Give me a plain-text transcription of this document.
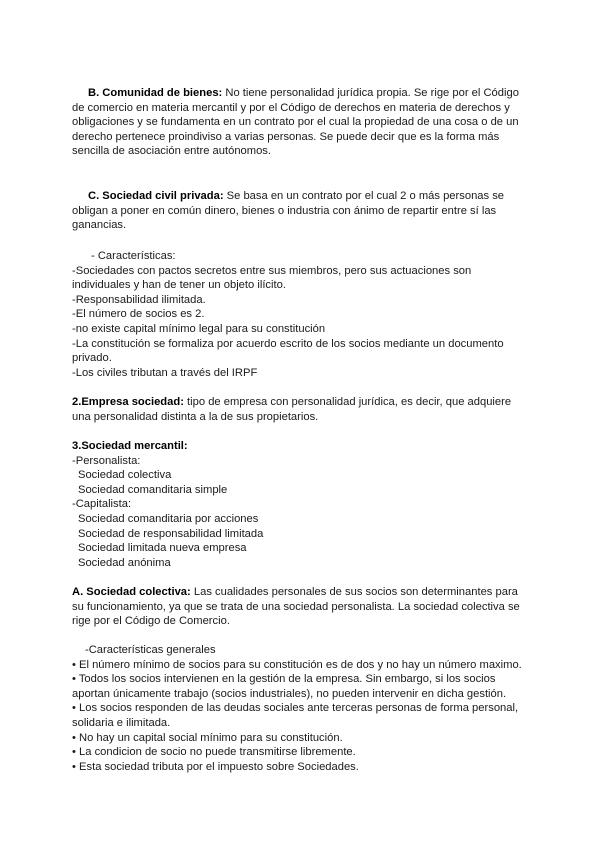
B. Comunidad de bienes: No tiene personalidad jurídica propia. Se rige por el Código de comercio en materia mercantil y por el Código de derechos en materia de derechos y obligaciones y se fundamenta en un contrato por el cual la propiedad de una cosa o de un derecho pertenece proindiviso a varias personas. Se puede decir que es la forma más sencilla de asociación entre autónomos.

C. Sociedad civil privada: Se basa en un contrato por el cual 2 o más personas se obligan a poner en común dinero, bienes o industria con ánimo de repartir entre sí las ganancias.

- Características:

-Sociedades con pactos secretos entre sus miembros, pero sus actuaciones son individuales y han de tener un objeto ilícito.

-Responsabilidad ilimitada.

-El número de socios es 2.

-no existe capital mínimo legal para su constitución

-La constitución se formaliza por acuerdo escrito de los socios mediante un documento privado.

-Los civiles tributan a través del IRPF

2.Empresa sociedad: tipo de empresa con personalidad jurídica, es decir, que adquiere una personalidad distinta a la de sus propietarios.

3.Sociedad mercantil:

-Personalista:

Sociedad colectiva

Sociedad comanditaria simple

-Capitalista:

Sociedad comanditaria por acciones

Sociedad de responsabilidad limitada

Sociedad limitada nueva empresa

Sociedad anónima

A. Sociedad colectiva: Las cualidades personales de sus socios son determinantes para su funcionamiento, ya que se trata de una sociedad personalista. La sociedad colectiva se rige por el Código de Comercio.

-Características generales

• El número mínimo de socios para su constitución es de dos y no hay un número maximo.

• Todos los socios intervienen en la gestión de la empresa. Sin embargo, si los socios aportan únicamente trabajo (socios industriales), no pueden intervenir en dicha gestión.

• Los socios responden de las deudas sociales ante terceras personas de forma personal, solidaria e ilimitada.

• No hay un capital social mínimo para su constitución.

• La condicion de socio no puede transmitirse libremente.

• Esta sociedad tributa por el impuesto sobre Sociedades.
